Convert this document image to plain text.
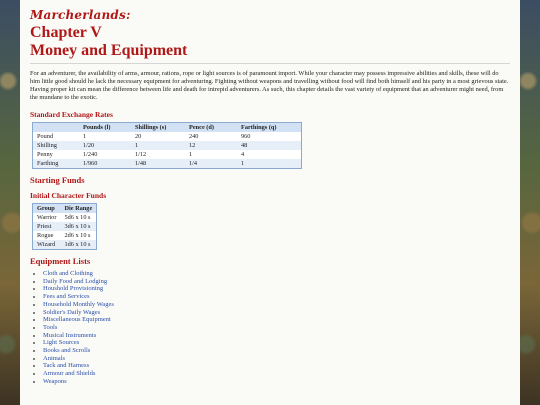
Marcherlands:
Chapter V
Money and Equipment

For an adventurer, the availability of arms, armour, rations, rope or light sources is of paramount import. While your character may possess impressive abilities and skills, these will do him little good should he lack the necessary equipment for adventuring. Fighting without weapons and travelling without food will find both himself and his party in a most grievous state. Having proper kit can mean the difference between life and death for intrepid adventurers. As such, this chapter details the vast variety of equipment that an adventurer might need, from the mundane to the exotic.

Standard Exchange Rates
	Pounds (l)	Shillings (s)	Pence (d)	Farthings (q)
Pound	1	20	240	960
Shilling	1/20	1	12	48
Penny	1/240	1/12	1	4
Farthing	1/960	1/48	1/4	1
Starting Funds
Initial Character Funds
Group	Die Range
Warrior	5d6 x 10 s
Priest	3d6 x 10 s
Rogue	2d6 x 10 s
Wizard	1d6 x 10 s
Equipment Lists
• Cloth and Clothing
• Daily Food and Lodging
• Houshold Provisioning
• Fees and Services
• Household Monthly Wages
• Soldier's Daily Wages
• Miscellaneous Equipment
• Tools
• Musical Instruments
• Light Sources
• Books and Scrolls
• Animals
• Tack and Harness
• Armour and Shields
• Weapons
